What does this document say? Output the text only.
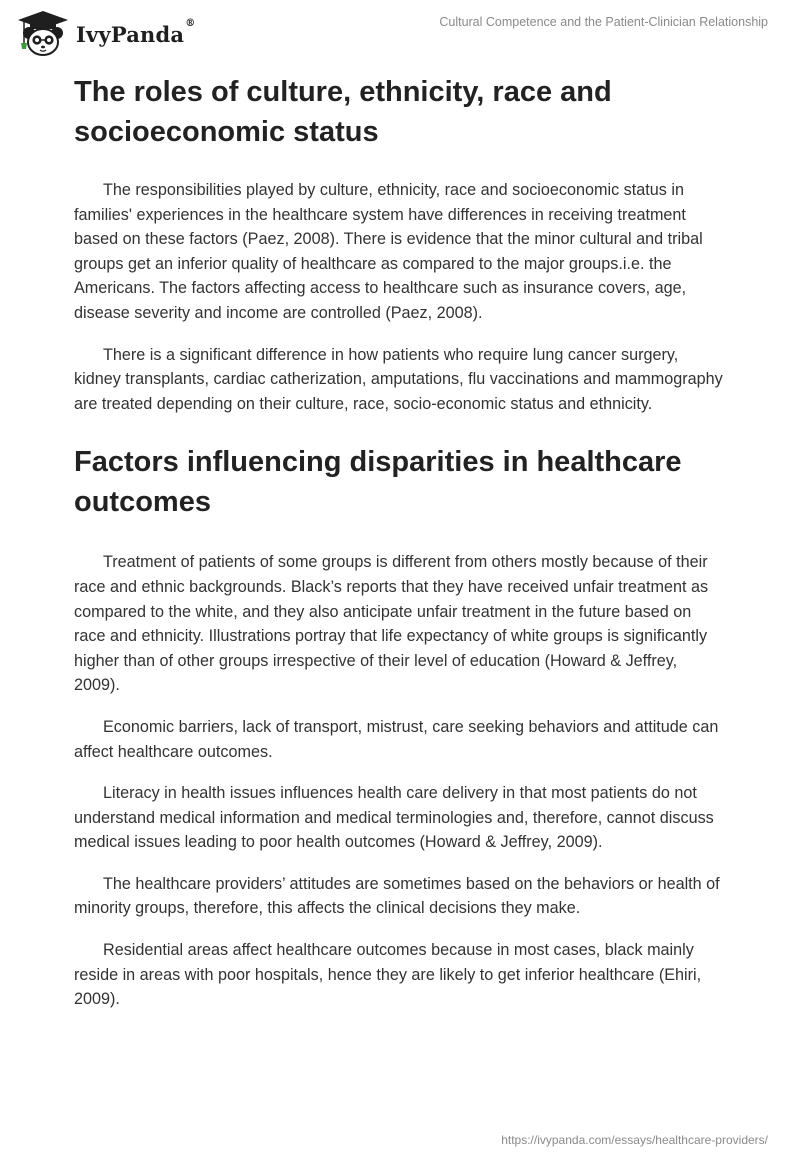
IvyPanda®	Cultural Competence and the Patient-Clinician Relationship
The roles of culture, ethnicity, race and socioeconomic status

The responsibilities played by culture, ethnicity, race and socioeconomic status in families' experiences in the healthcare system have differences in receiving treatment based on these factors (Paez, 2008). There is evidence that the minor cultural and tribal groups get an inferior quality of healthcare as compared to the major groups.i.e. the Americans. The factors affecting access to healthcare such as insurance covers, age, disease severity and income are controlled (Paez, 2008).

There is a significant difference in how patients who require lung cancer surgery, kidney transplants, cardiac catherization, amputations, flu vaccinations and mammography are treated depending on their culture, race, socio-economic status and ethnicity.

Factors influencing disparities in healthcare outcomes

Treatment of patients of some groups is different from others mostly because of their race and ethnic backgrounds. Black’s reports that they have received unfair treatment as compared to the white, and they also anticipate unfair treatment in the future based on race and ethnicity. Illustrations portray that life expectancy of white groups is significantly higher than of other groups irrespective of their level of education (Howard & Jeffrey, 2009).

Economic barriers, lack of transport, mistrust, care seeking behaviors and attitude can affect healthcare outcomes.

Literacy in health issues influences health care delivery in that most patients do not understand medical information and medical terminologies and, therefore, cannot discuss medical issues leading to poor health outcomes (Howard & Jeffrey, 2009).

The healthcare providers’ attitudes are sometimes based on the behaviors or health of minority groups, therefore, this affects the clinical decisions they make.

Residential areas affect healthcare outcomes because in most cases, black mainly reside in areas with poor hospitals, hence they are likely to get inferior healthcare (Ehiri, 2009).

https://ivypanda.com/essays/healthcare-providers/
